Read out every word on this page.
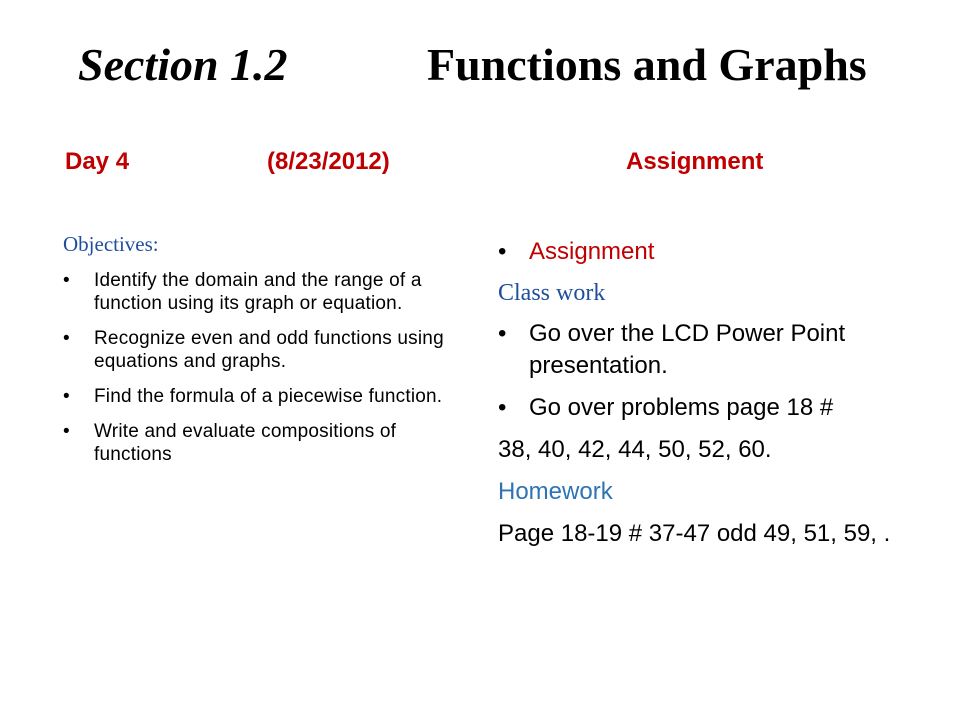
Section 1.2	Functions and Graphs
Day 4	(8/23/2012)	Assignment
Objectives:
• Identify the domain and the range of a function using its graph or equation.
• Recognize even and odd functions using equations and graphs.
• Find the formula of a piecewise function.
• Write and evaluate compositions of functions
• Assignment
Class work
• Go over the LCD Power Point presentation.
• Go over problems page 18 #
38, 40, 42, 44, 50, 52, 60.
Homework
Page 18-19 # 37-47 odd 49, 51, 59, .
